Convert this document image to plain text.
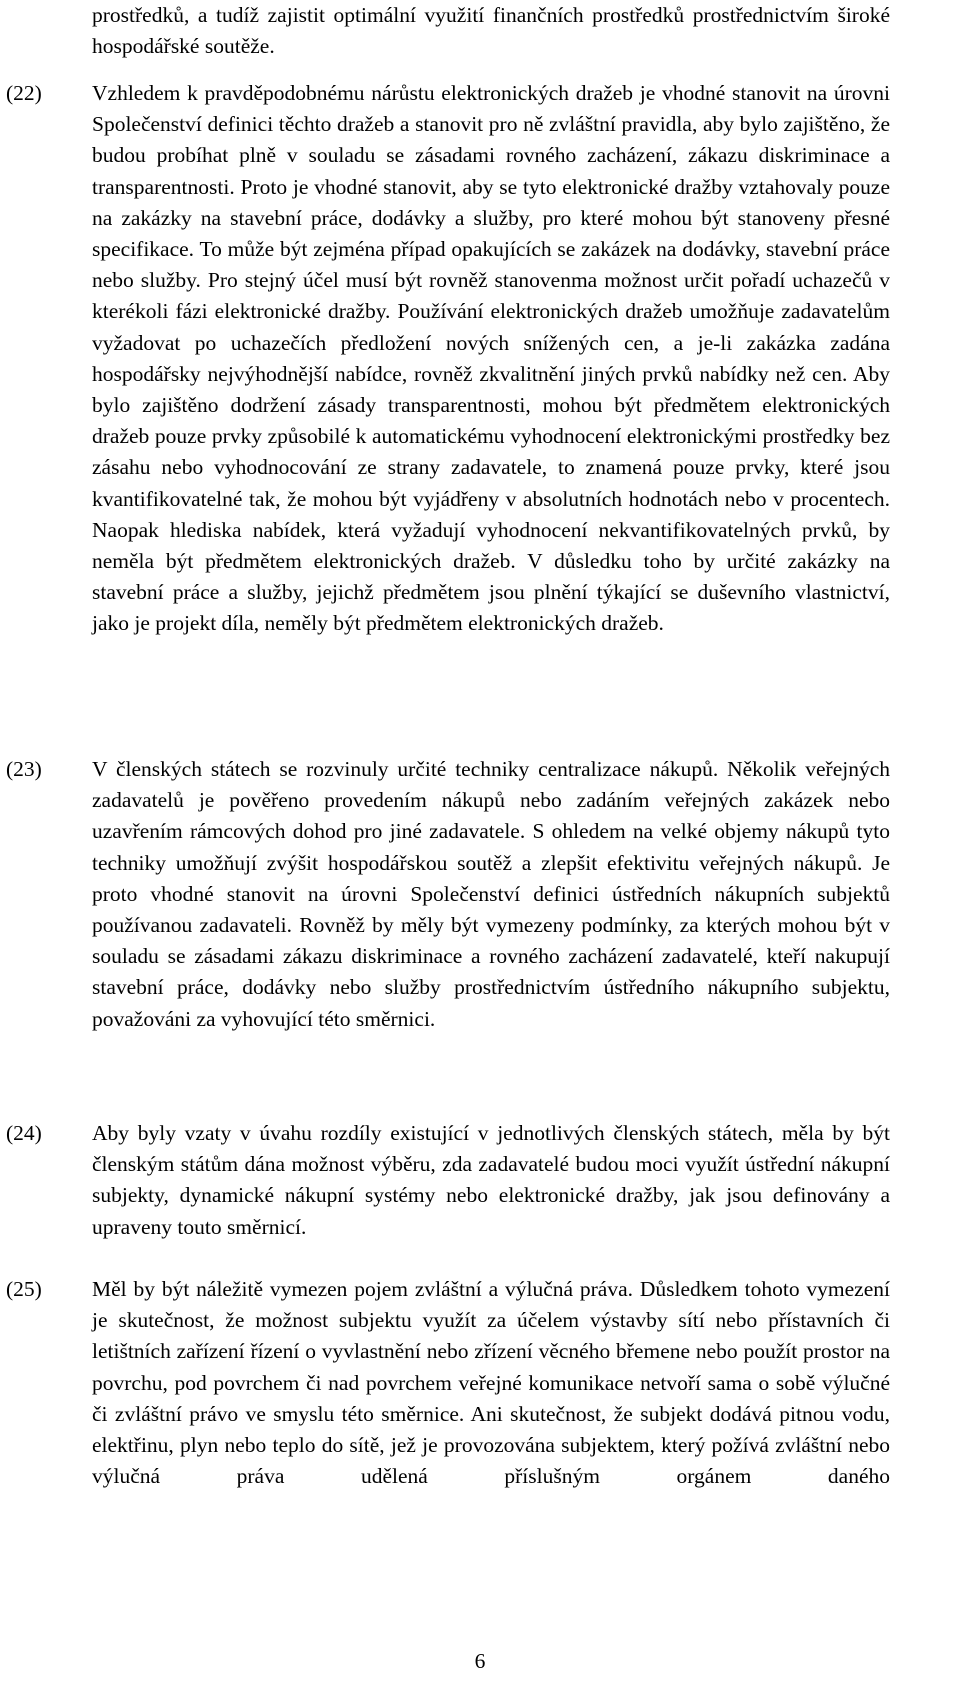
prostředků, a tudíž zajistit optimální využití finančních prostředků prostřednictvím široké hospodářské soutěže.
(22)	Vzhledem k pravděpodobnému nárůstu elektronických dražeb je vhodné stanovit na úrovni Společenství definici těchto dražeb a stanovit pro ně zvláštní pravidla, aby bylo zajištěno, že budou probíhat plně v souladu se zásadami rovného zacházení, zákazu diskriminace a transparentnosti. Proto je vhodné stanovit, aby se tyto elektronické dražby vztahovaly pouze na zakázky na stavební práce, dodávky a služby, pro které mohou být stanoveny přesné specifikace. To může být zejména případ opakujících se zakázek na dodávky, stavební práce nebo služby. Pro stejný účel musí být rovněž stanovenma možnost určit pořadí uchazečů v kterékoli fázi elektronické dražby. Používání elektronických dražeb umožňuje zadavatelům vyžadovat po uchazečích předložení nových snížených cen, a je-li zakázka zadána hospodářsky nejvýhodnější nabídce, rovněž zkvalitnění jiných prvků nabídky než cen. Aby bylo zajištěno dodržení zásady transparentnosti, mohou být předmětem elektronických dražeb pouze prvky způsobilé k automatickému vyhodnocení elektronickými prostředky bez zásahu nebo vyhodnocování ze strany zadavatele, to znamená pouze prvky, které jsou kvantifikovatelné tak, že mohou být vyjádřeny v absolutních hodnotách nebo v procentech. Naopak hlediska nabídek, která vyžadují vyhodnocení nekvantifikovatelných prvků, by neměla být předmětem elektronických dražeb. V důsledku toho by určité zakázky na stavební práce a služby, jejichž předmětem jsou plnění týkající se duševního vlastnictví, jako je projekt díla, neměly být předmětem elektronických dražeb.
(23)	V členských státech se rozvinuly určité techniky centralizace nákupů. Několik veřejných zadavatelů je pověřeno provedením nákupů nebo zadáním veřejných zakázek nebo uzavřením rámcových dohod pro jiné zadavatele. S ohledem na velké objemy nákupů tyto techniky umožňují zvýšit hospodářskou soutěž a zlepšit efektivitu veřejných nákupů. Je proto vhodné stanovit na úrovni Společenství definici ústředních nákupních subjektů používanou zadavateli. Rovněž by měly být vymezeny podmínky, za kterých mohou být v souladu se zásadami zákazu diskriminace a rovného zacházení zadavatelé, kteří nakupují stavební práce, dodávky nebo služby prostřednictvím ústředního nákupního subjektu, považováni za vyhovující této směrnici.
(24)	Aby byly vzaty v úvahu rozdíly existující v jednotlivých členských státech, měla by být členským státům dána možnost výběru, zda zadavatelé budou moci využít ústřední nákupní subjekty, dynamické nákupní systémy nebo elektronické dražby, jak jsou definovány a upraveny touto směrnicí.
(25)	Měl by být náležitě vymezen pojem zvláštní a výlučná práva. Důsledkem tohoto vymezení je skutečnost, že možnost subjektu využít za účelem výstavby sítí nebo přístavních či letištních zařízení řízení o vyvlastnění nebo zřízení věcného břemene nebo použít prostor na povrchu, pod povrchem či nad povrchem veřejné komunikace netvoří sama o sobě výlučné či zvláštní právo ve smyslu této směrnice. Ani skutečnost, že subjekt dodává pitnou vodu, elektřinu, plyn nebo teplo do sítě, jež je provozována subjektem, který požívá zvláštní nebo výlučná práva udělená příslušným orgánem daného
6
